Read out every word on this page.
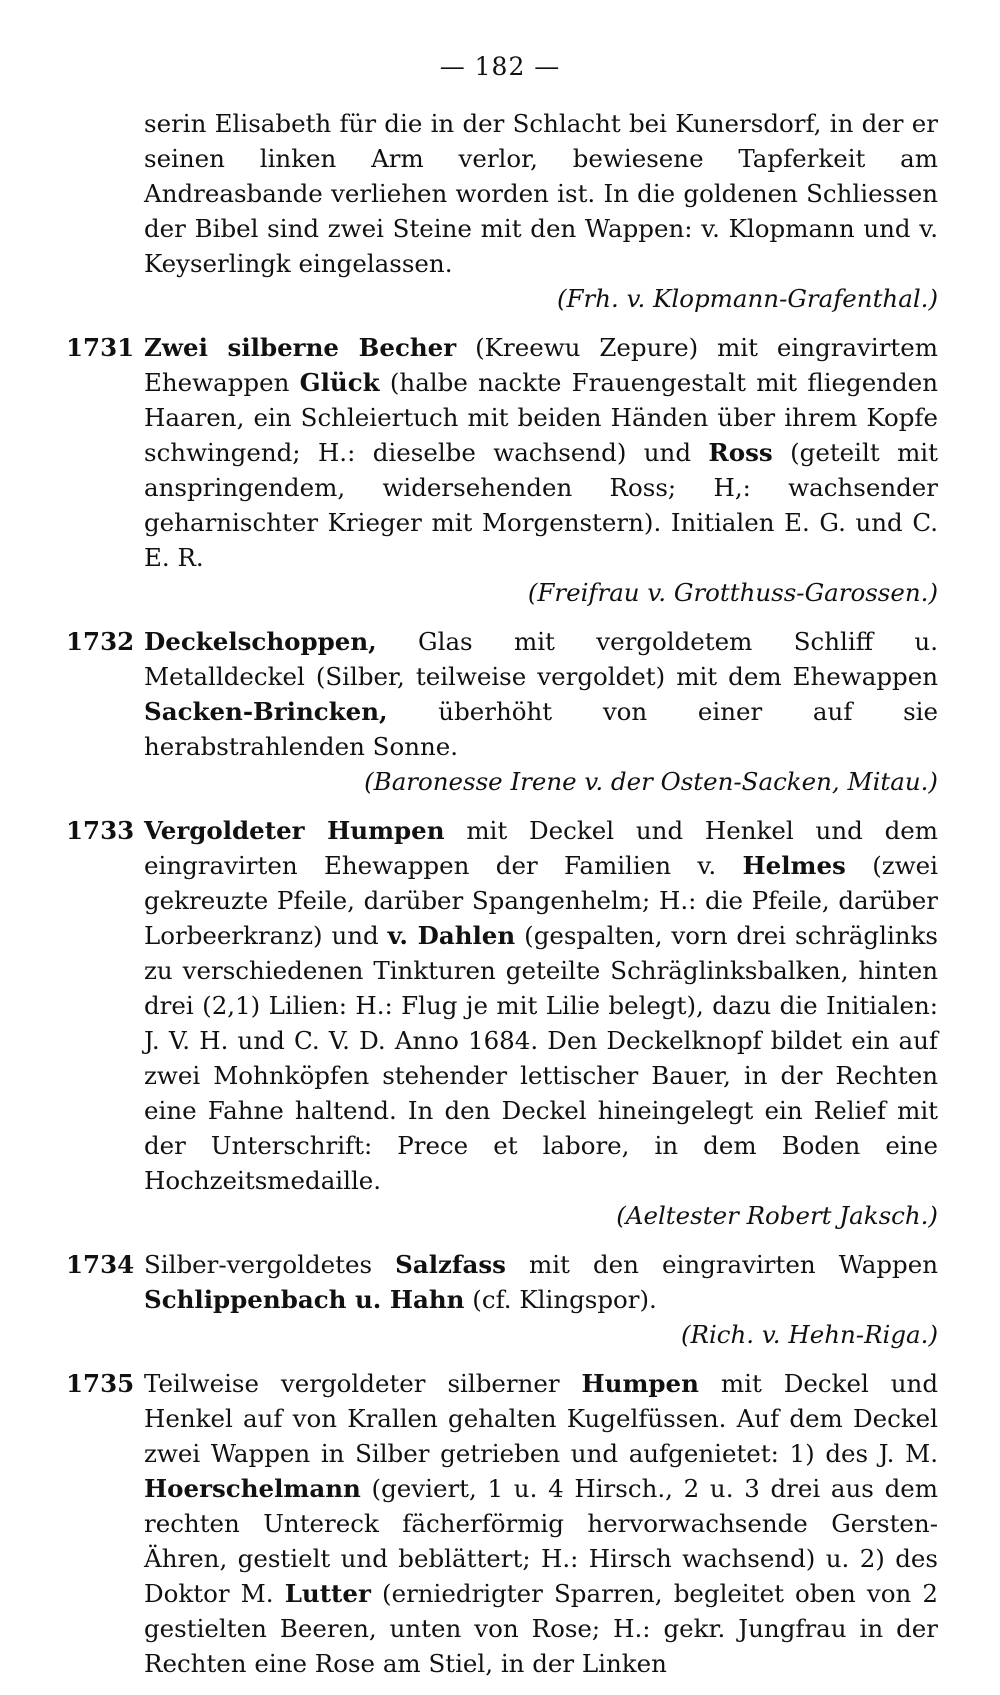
— 182 —
serin Elisabeth für die in der Schlacht bei Kunersdorf, in der er seinen linken Arm verlor, bewiesene Tapferkeit am Andreasbande verliehen worden ist. In die goldenen Schliessen der Bibel sind zwei Steine mit den Wappen: v. Klopmann und v. Keyserlingk eingelassen.
(Frh. v. Klopmann-Grafenthal.)
1731 Zwei silberne Becher (Kreewu Zepure) mit eingravirtem Ehewappen Glück (halbe nackte Frauengestalt mit fliegenden Haaren, ein Schleiertuch mit beiden Händen über ihrem Kopfe schwingend; H.: dieselbe wachsend) und Ross (geteilt mit anspringendem, widersehenden Ross; H,: wachsender geharnischter Krieger mit Morgenstern). Initialen E. G. und C. E. R.
(Freifrau v. Grotthuss-Garossen.)
1732 Deckelschoppen, Glas mit vergoldetem Schliff u. Metalldeckel (Silber, teilweise vergoldet) mit dem Ehewappen Sacken-Brincken, überhöht von einer auf sie herabstrahlenden Sonne.
(Baronesse Irene v. der Osten-Sacken, Mitau.)
1733 Vergoldeter Humpen mit Deckel und Henkel und dem eingravirten Ehewappen der Familien v. Helmes (zwei gekreuzte Pfeile, darüber Spangenhelm; H.: die Pfeile, darüber Lorbeerkranz) und v. Dahlen (gespalten, vorn drei schräglinks zu verschiedenen Tinkturen geteilte Schräglinksbalken, hinten drei (2,1) Lilien: H.: Flug je mit Lilie belegt), dazu die Initialen: J. V. H. und C. V. D. Anno 1684. Den Deckelknopf bildet ein auf zwei Mohnköpfen stehender lettischer Bauer, in der Rechten eine Fahne haltend. In den Deckel hineingelegt ein Relief mit der Unterschrift: Prece et labore, in dem Boden eine Hochzeitsmedaille.
(Aeltester Robert Jaksch.)
1734 Silber-vergoldetes Salzfass mit den eingravirten Wappen Schlippenbach u. Hahn (cf. Klingspor).
(Rich. v. Hehn-Riga.)
1735 Teilweise vergoldeter silberner Humpen mit Deckel und Henkel auf von Krallen gehalten Kugelfüssen. Auf dem Deckel zwei Wappen in Silber getrieben und aufgenietet: 1) des J. M. Hoerschelmann (geviert, 1 u. 4 Hirsch., 2 u. 3 drei aus dem rechten Untereck fächerförmig hervorwachsende Gersten-Ähren, gestielt und beblättert; H.: Hirsch wachsend) u. 2) des Doktor M. Lutter (erniedrigter Sparren, begleitet oben von 2 gestielten Beeren, unten von Rose; H.: gekr. Jungfrau in der Rechten eine Rose am Stiel, in der Linken
